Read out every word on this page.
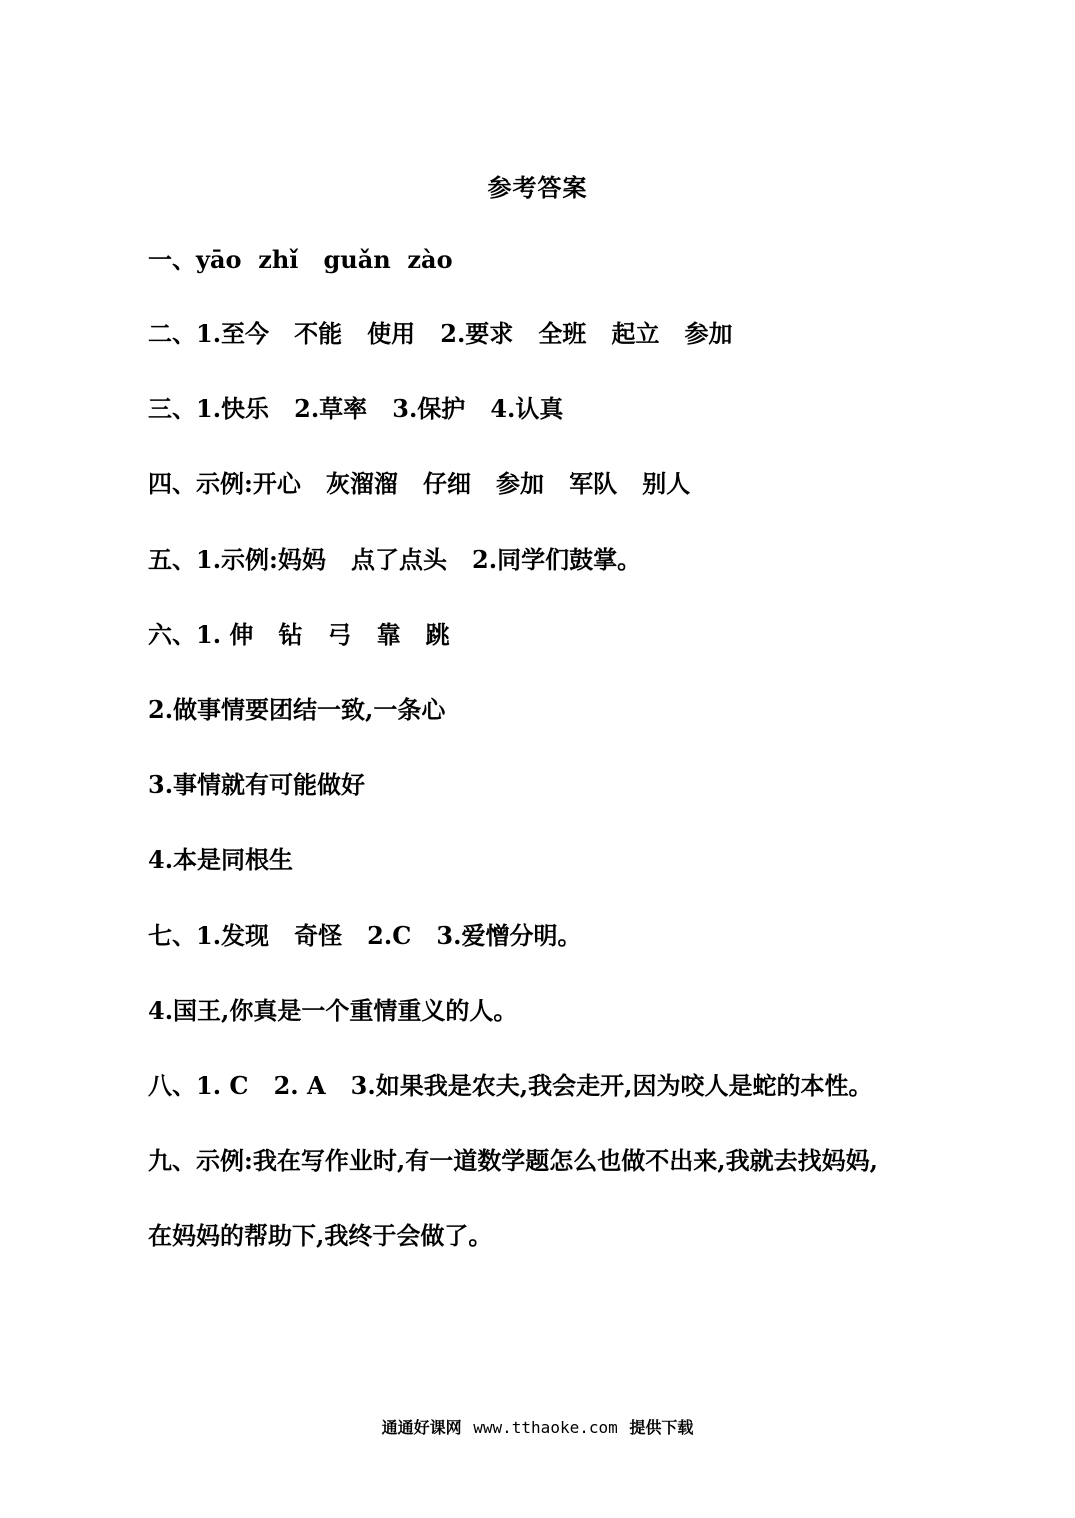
参考答案
一、yāo  zhǐ   guǎn  zào
二、1.至今   不能   使用   2.要求   全班   起立   参加
三、1.快乐   2.草率   3.保护   4.认真
四、示例:开心   灰溜溜   仔细   参加   军队   别人
五、1.示例:妈妈   点了点头   2.同学们鼓掌。
六、1. 伸   钻   弓   靠   跳
2.做事情要团结一致,一条心
3.事情就有可能做好
4.本是同根生
七、1.发现   奇怪   2.C   3.爱憎分明。
4.国王,你真是一个重情重义的人。
八、1. C   2. A   3.如果我是农夫,我会走开,因为咬人是蛇的本性。
九、示例:我在写作业时,有一道数学题怎么也做不出来,我就去找妈妈,
在妈妈的帮助下,我终于会做了。
通通好课网 www.tthaoke.com 提供下载
